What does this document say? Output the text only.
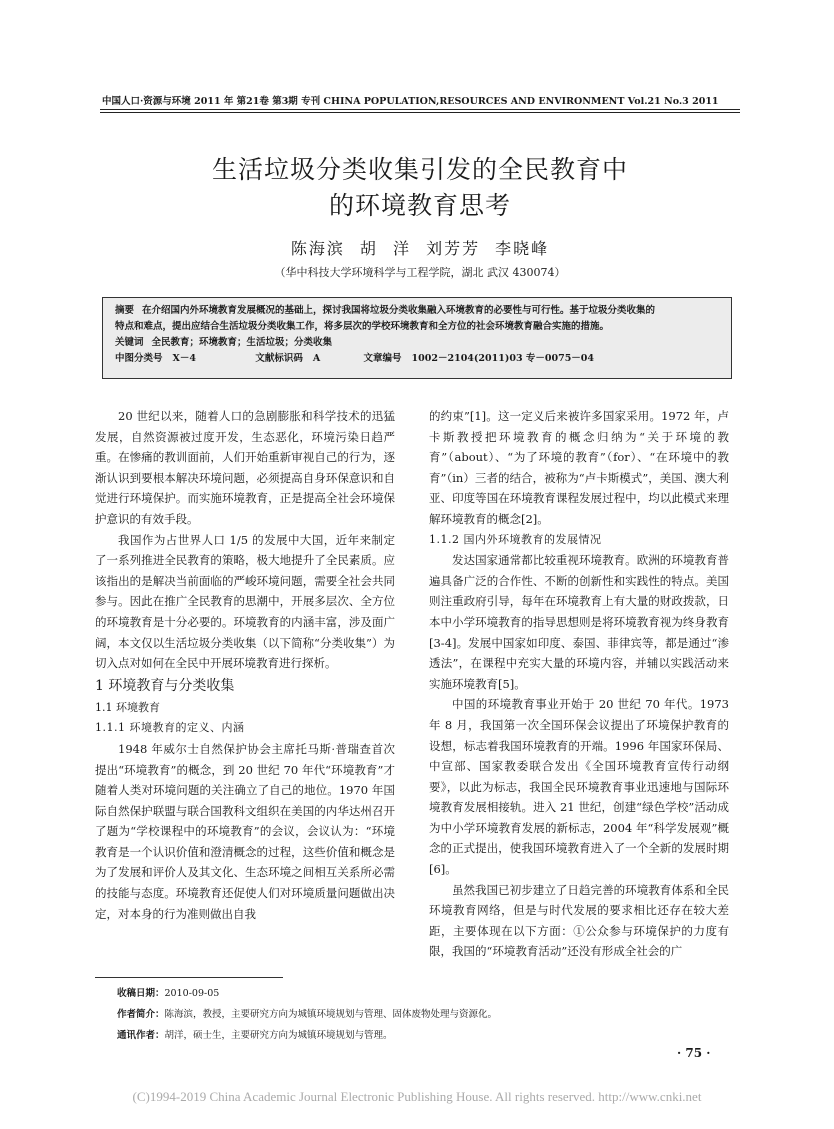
中国人口·资源与环境 2011 年 第21卷 第3期 专刊 CHINA POPULATION,RESOURCES AND ENVIRONMENT Vol.21 No.3 2011
生活垃圾分类收集引发的全民教育中
的环境教育思考
陈海滨 胡 洋 刘芳芳 李晓峰
（华中科技大学环境科学与工程学院，湖北 武汉 430074）
摘要 在介绍国内外环境教育发展概况的基础上，探讨我国将垃圾分类收集融入环境教育的必要性与可行性。基于垃圾分类收集的
特点和难点，提出应结合生活垃圾分类收集工作，将多层次的学校环境教育和全方位的社会环境教育融合实施的措施。
关键词 全民教育；环境教育；生活垃圾；分类收集
中图分类号 X－4	文献标识码 A	文章编号 1002－2104(2011)03 专－0075－04

20 世纪以来，随着人口的急剧膨胀和科学技术的迅猛发展，自然资源被过度开发，生态恶化，环境污染日趋严重。在惨痛的教训面前，人们开始重新审视自己的行为，逐渐认识到要根本解决环境问题，必须提高自身环保意识和自觉进行环境保护。而实施环境教育，正是提高全社会环境保护意识的有效手段。

我国作为占世界人口 1/5 的发展中大国，近年来制定了一系列推进全民教育的策略，极大地提升了全民素质。应该指出的是解决当前面临的严峻环境问题，需要全社会共同参与。因此在推广全民教育的思潮中，开展多层次、全方位的环境教育是十分必要的。环境教育的内涵丰富，涉及面广阔，本文仅以生活垃圾分类收集（以下简称“分类收集”）为切入点对如何在全民中开展环境教育进行探析。

1 环境教育与分类收集

1.1 环境教育

1.1.1 环境教育的定义、内涵

1948 年威尔士自然保护协会主席托马斯·普瑞查首次提出“环境教育”的概念，到 20 世纪 70 年代“环境教育”才随着人类对环境问题的关注确立了自己的地位。1970 年国际自然保护联盟与联合国教科文组织在美国的内华达州召开了题为“学校课程中的环境教育”的会议，会议认为：“环境教育是一个认识价值和澄清概念的过程，这些价值和概念是为了发展和评价人及其文化、生态环境之间相互关系所必需的技能与态度。环境教育还促使人们对环境质量问题做出决定，对本身的行为准则做出自我

的约束”[1]。这一定义后来被许多国家采用。1972 年，卢卡斯教授把环境教育的概念归纳为“关于环境的教育”（about）、“为了环境的教育”（for）、“在环境中的教育”（in）三者的结合，被称为“卢卡斯模式”，美国、澳大利亚、印度等国在环境教育课程发展过程中，均以此模式来理解环境教育的概念[2]。

1.1.2 国内外环境教育的发展情况

发达国家通常都比较重视环境教育。欧洲的环境教育普遍具备广泛的合作性、不断的创新性和实践性的特点。美国则注重政府引导，每年在环境教育上有大量的财政拨款，日本中小学环境教育的指导思想则是将环境教育视为终身教育[3-4]。发展中国家如印度、泰国、菲律宾等，都是通过“渗透法”，在课程中充实大量的环境内容，并辅以实践活动来实施环境教育[5]。

中国的环境教育事业开始于 20 世纪 70 年代。1973 年 8 月，我国第一次全国环保会议提出了环境保护教育的设想，标志着我国环境教育的开端。1996 年国家环保局、中宣部、国家教委联合发出《全国环境教育宣传行动纲要》，以此为标志，我国全民环境教育事业迅速地与国际环境教育发展相接轨。进入 21 世纪，创建“绿色学校”活动成为中小学环境教育发展的新标志，2004 年“科学发展观”概念的正式提出，使我国环境教育进入了一个全新的发展时期[6]。

虽然我国已初步建立了日趋完善的环境教育体系和全民环境教育网络，但是与时代发展的要求相比还存在较大差距，主要体现在以下方面：①公众参与环境保护的力度有限，我国的“环境教育活动”还没有形成全社会的广

收稿日期：2010-09-05
作者简介：陈海滨，教授，主要研究方向为城镇环境规划与管理、固体废物处理与资源化。
通讯作者：胡洋，硕士生，主要研究方向为城镇环境规划与管理。
· 75 ·
(C)1994-2019 China Academic Journal Electronic Publishing House. All rights reserved. http://www.cnki.net
